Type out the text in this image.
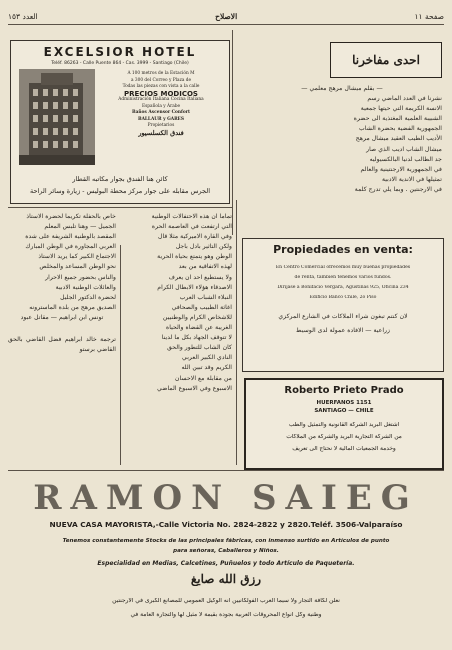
صفحة ١١
الاصلاح
العدد ١٥٣
EXCELSIOR HOTEL
Teléf. 86263 - Calle Puente 864 - Cas. 3999 - Santiago (Chile)
A 100 metros de la Estación M
a 300 del Correo y Plaza de
Todas las piezas con vista a la calle
PRECIOS MODICOS
Administración Italiana Cocina Italiana
Española y Árabe
Baños Ascensor Confort
BALLAUR y GARES
Propietarios
فندق الكسلسيور
كائن هنا الفندق بجوار مكاتبه القطار
الجرس مقابله على جوار مركز محطة البوليس - زيارة وسائر الراحة
احدى مفاخرنا

— بقلم ميشال مرهج معلمي —

نشرنا في العدد الماضي رسم

الانسة الكريمة التي حيتها جمعية

الشبيبة العلمية المغتذية الى حضرة

الجمهورية الفضية بحضرة الشاب

الأديب الطيب العقيد ميشال مرهج

ميشال الشاب اديب الذي صار

جد الطالب لدنيا البالكسيوليه

في الجمهورية الارجنتينية والعالم

تمثيلها في الاندية الادبية

في الارجنتين . وبما يلي تدرج كلمة

Propiedades en venta:
En Centro Comercial ofrecemos muy buenas propiedades
de renta, también tenemos varios fundos.
Diríjase a Bonifacio Vergara, Agustinas 925, Oficina 234
Edificio Banco Chile, 2o Piso
لان كنتم تبغون شراء الملاكات في الشارع المركزي
زراعية — الافادة عمولة لدى الوسيط
Roberto Prieto Prado
HUERFANOS 1151
SANTIAGO — CHILE
اشتغل البريد الشركة القانونية والتمثيل والطب
من الشركة التجارية البريد والشركة من الملاكات
وخدمة الجمعيات المالية لا نحتاج الى تعريف

تماما ان هذه الاحتفالات الوطنية

التي ارتفعت في العاصمة الحرة

وفي القارة الاميركية مثلا قال

ولكن التاثير بادل باجل

الوطن وهو يتمتع بحياة الحرية

لهذه الاتفاقية من بعد

ولا يستطيع احد ان يعرف

الاصدقاء هؤلاء الابطال الكرام

النبلاء الشباب العرب

اغاثة الطبيب والصحافي

للاشخاص الكرام والوطنيين

الغريبة عن القضاة والحياة

لا تتوقف الجهاد بكل ما لدينا

كان الشاب للتطور والحق

النادي الكبير العربي

الكريم وقد تبين الله

من مقابلة مع الاحسان

الاسبوع وفي الاسبوع الماضي

خاص بالحفلة تكريما لحضرة الاستاذ

الجميل — وهنا تلبس المعلم

المقصد بالوطنية الشريفة على شدة

العربي المجاورة في الوطن المبارك

الاجتماع الكبير كما يريد الاستاذ

نحو الوطن المساعد والمخلص

والناس بحضور جميع الاحرار

والعائلات الوطنية الادبية

لحضرة الدكتور الجليل

الصديق مرهج من بلدة الماسترونه

تونس ابن ابراهيم — مقاتل عبود

ترجمة خالد ابراهيم فضل القاضي بالحق القاضي برستو

RAMON SAIEG
NUEVA CASA MAYORISTA,-Calle Victoria No. 2824-2822 y 2820.Teléf. 3506-Valparaíso
Tenemos constantemente Stocks de las principales fábricas, con inmenso surtido en Artículos de punto
para señoras, Caballeros y Niños.
Especialidad en Medias, Calcetines, Puñuelos y todo Artículo de Paquetería.
رزق الله صايغ
نعلن لكافة التجار ولا سيما العرب الفولكانيين انه الوكيل العمومي للمصانع الكبرى في الارجنتين
وطنية وكل انواع المحروقات العربية بجودة بقيمة لا مثيل لها والتجارة العامة في
